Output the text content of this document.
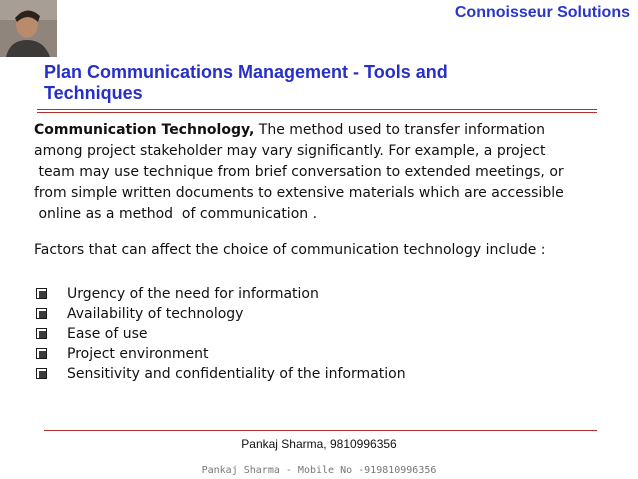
Connoisseur Solutions
Plan Communications Management - Tools and Techniques

Communication Technology, The method used to transfer information

among project stakeholder may vary significantly. For example, a project

team may use technique from brief conversation to extended meetings, or

from simple written documents to extensive materials which are accessible

online as a method  of communication .

Factors that can affect the choice of communication technology include :
Urgency of the need for information
Availability of technology
Ease of use
Project environment
Sensitivity and confidentiality of the information
Pankaj Sharma, 9810996356
Pankaj Sharma - Mobile No -919810996356
